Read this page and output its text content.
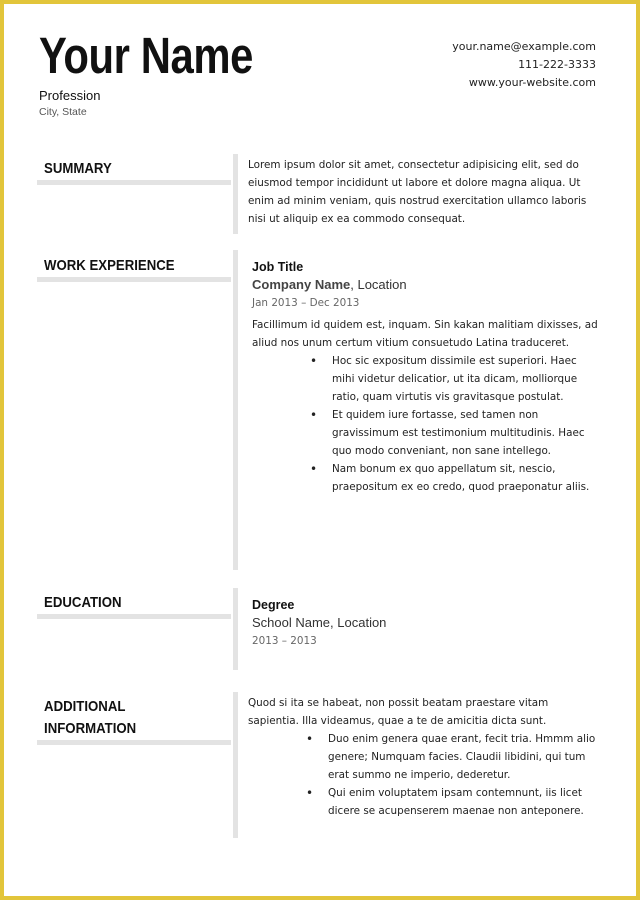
Your Name
Profession
City, State
your.name@example.com
111-222-3333
www.your-website.com
SUMMARY	Lorem ipsum dolor sit amet, consectetur adipisicing elit, sed do eiusmod tempor incididunt ut labore et dolore magna aliqua. Ut enim ad minim veniam, quis nostrud exercitation ullamco laboris nisi ut aliquip ex ea commodo consequat.
WORK EXPERIENCE	Job Title
Company Name, Location
Jan 2013 – Dec 2013
Facillimum id quidem est, inquam. Sin kakan malitiam dixisses, ad aliud nos unum certum vitium consuetudo Latina traduceret.
• Hoc sic expositum dissimile est superiori. Haec mihi videtur delicatior, ut ita dicam, molliorque ratio, quam virtutis vis gravitasque postulat.
• Et quidem iure fortasse, sed tamen non gravissimum est testimonium multitudinis. Haec quo modo conveniant, non sane intellego.
• Nam bonum ex quo appellatum sit, nescio, praepositum ex eo credo, quod praeponatur aliis.
EDUCATION	Degree
School Name, Location
2013 – 2013
ADDITIONAL
INFORMATION
Quod si ita se habeat, non possit beatam praestare vitam sapientia. Illa videamus, quae a te de amicitia dicta sunt.
• Duo enim genera quae erant, fecit tria. Hmmm alio genere; Numquam facies. Claudii libidini, qui tum erat summo ne imperio, dederetur.
• Qui enim voluptatem ipsam contemnunt, iis licet dicere se acupenserem maenae non anteponere.
